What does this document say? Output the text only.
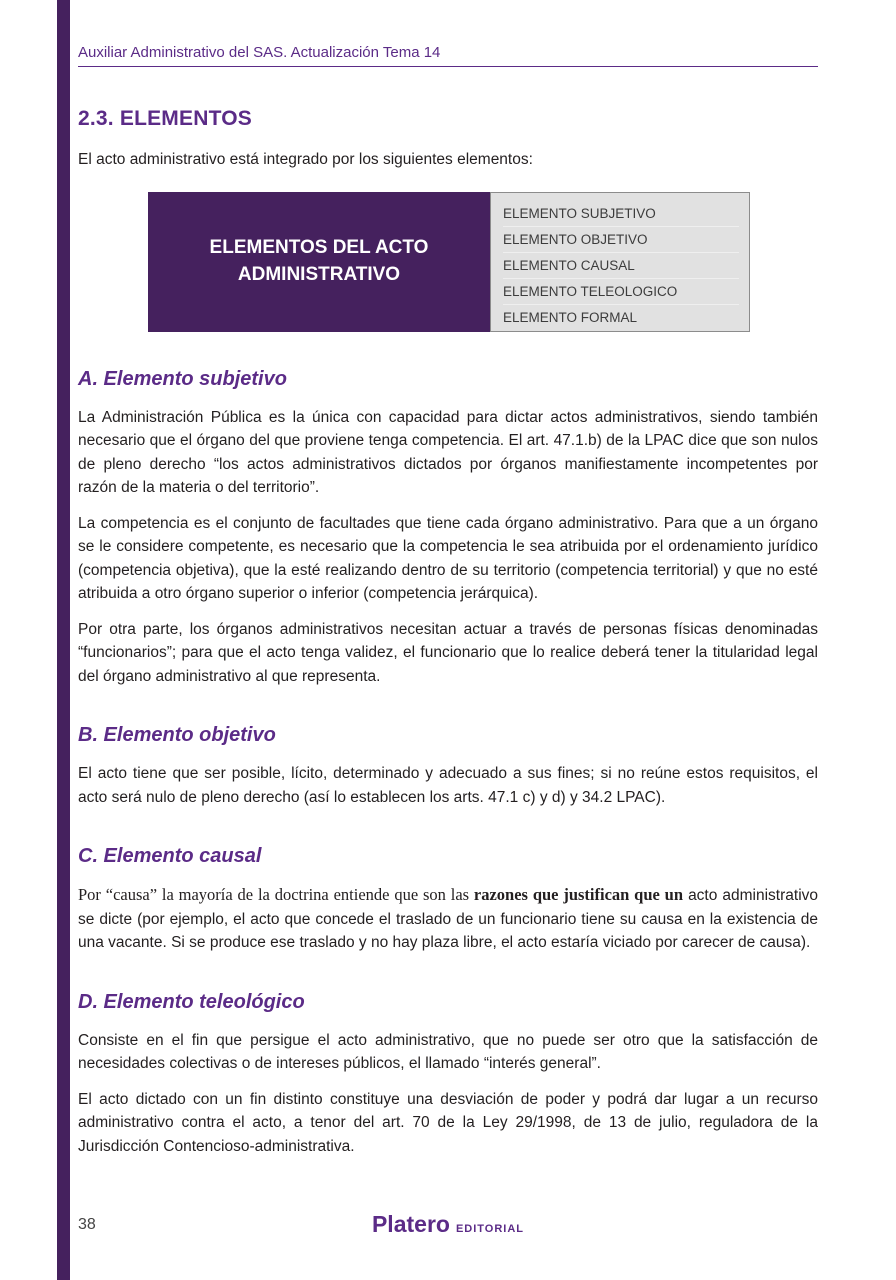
Auxiliar Administrativo del SAS. Actualización Tema 14
2.3. ELEMENTOS

El acto administrativo está integrado por los siguientes elementos:

ELEMENTOS DEL ACTO
ADMINISTRATIVO
ELEMENTO SUBJETIVO
ELEMENTO OBJETIVO
ELEMENTO CAUSAL
ELEMENTO TELEOLOGICO
ELEMENTO FORMAL
A. Elemento subjetivo

La Administración Pública es la única con capacidad para dictar actos administrativos, siendo también necesario que el órgano del que proviene tenga competencia. El art. 47.1.b) de la LPAC dice que son nulos de pleno derecho “los actos administrativos dictados por órganos manifiestamente incompetentes por razón de la materia o del territorio”.

La competencia es el conjunto de facultades que tiene cada órgano administrativo. Para que a un órgano se le considere competente, es necesario que la competencia le sea atribuida por el ordenamiento jurídico (competencia objetiva), que la esté realizando dentro de su territorio (competencia territorial) y que no esté atribuida a otro órgano superior o inferior (competencia jerárquica).

Por otra parte, los órganos administrativos necesitan actuar a través de personas físicas denominadas “funcionarios”; para que el acto tenga validez, el funcionario que lo realice deberá tener la titularidad legal del órgano administrativo al que representa.

B. Elemento objetivo

El acto tiene que ser posible, lícito, determinado y adecuado a sus fines; si no reúne estos requisitos, el acto será nulo de pleno derecho (así lo establecen los arts. 47.1 c) y d) y 34.2 LPAC).

C. Elemento causal

Por “causa” la mayoría de la doctrina entiende que son las razones que justifican que un acto administrativo se dicte (por ejemplo, el acto que concede el traslado de un funcionario tiene su causa en la existencia de una vacante. Si se produce ese traslado y no hay plaza libre, el acto estaría viciado por carecer de causa).

D. Elemento teleológico

Consiste en el fin que persigue el acto administrativo, que no puede ser otro que la satisfacción de necesidades colectivas o de intereses públicos, el llamado “interés general”.

El acto dictado con un fin distinto constituye una desviación de poder y podrá dar lugar a un recurso administrativo contra el acto, a tenor del art. 70 de la Ley 29/1998, de 13 de julio, reguladora de la Jurisdicción Contencioso-administrativa.

38	Platero EDITORIAL
